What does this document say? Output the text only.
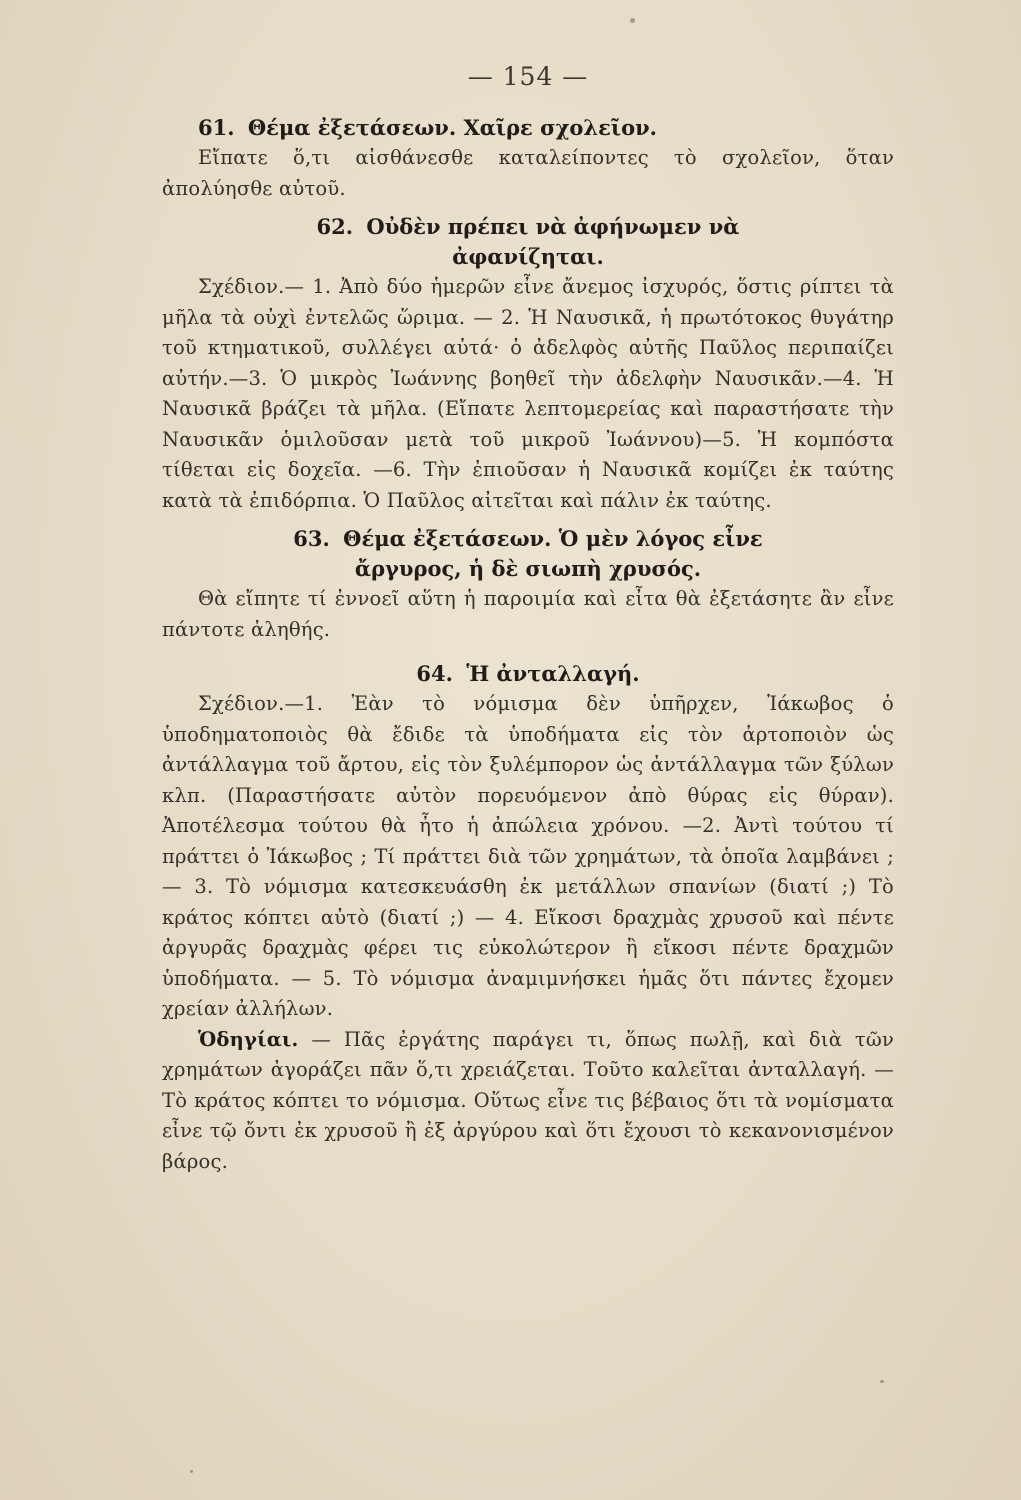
— 154 —

61. Θέμα ἐξετάσεων. Χαῖρε σχολεῖον.

Εἴπατε ὅ,τι αἰσθάνεσθε καταλείποντες τὸ σχολεῖον, ὅταν ἀπολύησθε αὐτοῦ.

62. Οὐδὲν πρέπει νὰ ἀφήνωμεν νὰ

ἀφανίζηται.

Σχέδιον.— 1. Ἀπὸ δύο ἡμερῶν εἶνε ἄνεμος ἰσχυρός, ὅστις ρίπτει τὰ μῆλα τὰ οὐχὶ ἐντελῶς ὥριμα. — 2. Ἡ Ναυσικᾶ, ἡ πρωτότοκος θυγάτηρ τοῦ κτηματικοῦ, συλλέγει αὐτά· ὁ ἀδελφὸς αὐτῆς Παῦλος περιπαίζει αὐτήν.—3. Ὁ μικρὸς Ἰωάννης βοηθεῖ τὴν ἀδελφὴν Ναυσικᾶν.—4. Ἡ Ναυσικᾶ βράζει τὰ μῆλα. (Εἴπατε λεπτομερείας καὶ παραστήσατε τὴν Ναυσικᾶν ὁμιλοῦσαν μετὰ τοῦ μικροῦ Ἰωάννου)—5. Ἡ κομπόστα τίθεται εἰς δοχεῖα. —6. Τὴν ἐπιοῦσαν ἡ Ναυσικᾶ κομίζει ἐκ ταύτης κατὰ τὰ ἐπιδόρπια. Ὁ Παῦλος αἰτεῖται καὶ πάλιν ἐκ ταύτης.

63. Θέμα ἐξετάσεων. Ὁ μὲν λόγος εἶνε

ἄργυρος, ἡ δὲ σιωπὴ χρυσός.

Θὰ εἴπητε τί ἐννοεῖ αὕτη ἡ παροιμία καὶ εἶτα θὰ ἐξετάσητε ἂν εἶνε πάντοτε ἀληθής.

64. Ἡ ἀνταλλαγή.

Σχέδιον.—1. Ἐὰν τὸ νόμισμα δὲν ὑπῆρχεν, Ἰάκωβος ὁ ὑποδηματοποιὸς θὰ ἔδιδε τὰ ὑποδήματα εἰς τὸν ἀρτοποιὸν ὡς ἀντάλλαγμα τοῦ ἄρτου, εἰς τὸν ξυλέμπορον ὡς ἀντάλλαγμα τῶν ξύλων κλπ. (Παραστήσατε αὐτὸν πορευόμενον ἀπὸ θύρας εἰς θύραν). Ἀποτέλεσμα τούτου θὰ ἦτο ἡ ἀπώλεια χρόνου. —2. Ἀντὶ τούτου τί πράττει ὁ Ἰάκωβος ; Τί πράττει διὰ τῶν χρημάτων, τὰ ὁποῖα λαμβάνει ; — 3. Τὸ νόμισμα κατεσκευάσθη ἐκ μετάλλων σπανίων (διατί ;) Τὸ κράτος κόπτει αὐτὸ (διατί ;) — 4. Εἴκοσι δραχμὰς χρυσοῦ καὶ πέντε ἀργυρᾶς δραχμὰς φέρει τις εὐκολώτερον ἢ εἴκοσι πέντε δραχμῶν ὑποδήματα. — 5. Τὸ νόμισμα ἀναμιμνήσκει ἡμᾶς ὅτι πάντες ἔχομεν χρείαν ἀλλήλων.

Ὁδηγίαι. — Πᾶς ἐργάτης παράγει τι, ὅπως πωλῇ, καὶ διὰ τῶν χρημάτων ἀγοράζει πᾶν ὅ,τι χρειάζεται. Τοῦτο καλεῖται ἀνταλλαγή. — Τὸ κράτος κόπτει το νόμισμα. Οὕτως εἶνε τις βέβαιος ὅτι τὰ νομίσματα εἶνε τῷ ὄντι ἐκ χρυσοῦ ἢ ἐξ ἀργύρου καὶ ὅτι ἔχουσι τὸ κεκανονισμένον βάρος.
